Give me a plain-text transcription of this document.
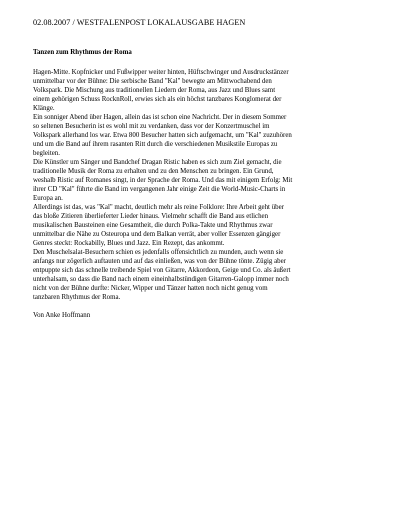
02.08.2007 / WESTFALENPOST LOKALAUSGABE HAGEN
Tanzen zum Rhythmus der Roma

Hagen-Mitte. Kopfnicker und Fußwipper weiter hinten, Hüftschwinger und Ausdruckstänzer
unmittelbar vor der Bühne: Die serbische Band "Kal" bewegte am Mittwochabend den
Volkspark. Die Mischung aus traditionellen Liedern der Roma, aus Jazz und Blues samt
einem gehörigen Schuss RocknRoll, erwies sich als ein höchst tanzbares Konglomerat der
Klänge.

Ein sonniger Abend über Hagen, allein das ist schon eine Nachricht. Der in diesem Sommer
so seltenen Besucherin ist es wohl mit zu verdanken, dass vor der Konzertmuschel im
Volkspark allerhand los war. Etwa 800 Besucher hatten sich aufgemacht, um "Kal" zuzuhören
und um die Band auf ihrem rasanten Ritt durch die verschiedenen Musikstile Europas zu
begleiten.

Die Künstler um Sänger und Bandchef Dragan Ristic haben es sich zum Ziel gemacht, die
traditionelle Musik der Roma zu erhalten und zu den Menschen zu bringen. Ein Grund,
weshalb Ristic auf Romanes singt, in der Sprache der Roma. Und das mit einigem Erfolg: Mit
ihrer CD "Kal" führte die Band im vergangenen Jahr einige Zeit die World-Music-Charts in
Europa an.

Allerdings ist das, was "Kal" macht, deutlich mehr als reine Folklore: Ihre Arbeit geht über
das bloße Zitieren überlieferter Lieder hinaus. Vielmehr schafft die Band aus etlichen
musikalischen Bausteinen eine Gesamtheit, die durch Polka-Takte und Rhythmus zwar
unmittelbar die Nähe zu Osteuropa und dem Balkan verrät, aber voller Essenzen gängiger
Genres steckt: Rockabilly, Blues und Jazz. Ein Rezept, das ankommt.

Den Muschelsalat-Besuchern schien es jedenfalls offensichtlich zu munden, auch wenn sie
anfangs nur zögerlich auftauten und auf das einließen, was von der Bühne tönte. Zügig aber
entpuppte sich das schnelle treibende Spiel von Gitarre, Akkordeon, Geige und Co. als äußert
unterhalsam, so dass die Band nach einem eineinhalbstündigen Gitarren-Galopp immer noch
nicht von der Bühne durfte: Nicker, Wipper und Tänzer hatten noch nicht genug vom
tanzbaren Rhythmus der Roma.

Von Anke Hoffmann
